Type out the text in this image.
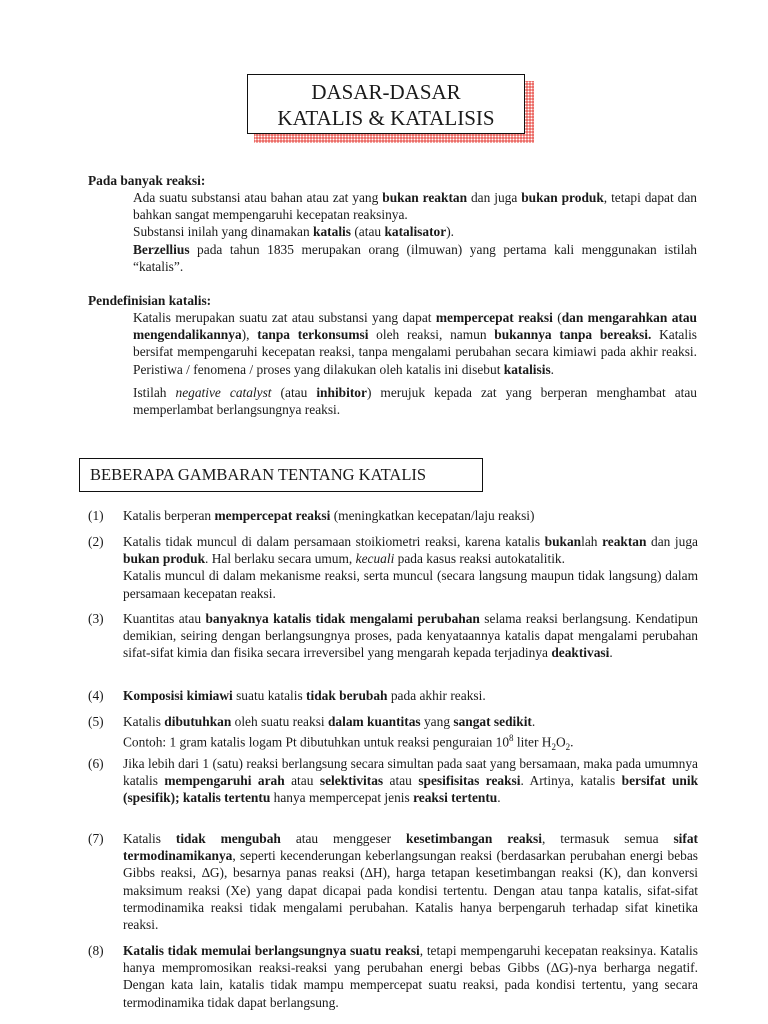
DASAR-DASAR
KATALIS & KATALISIS
Pada banyak reaksi:
Ada suatu substansi atau bahan atau zat yang bukan reaktan dan juga bukan produk, tetapi dapat dan bahkan sangat mempengaruhi kecepatan reaksinya.
Substansi inilah yang dinamakan katalis (atau katalisator).
Berzellius pada tahun 1835 merupakan orang (ilmuwan) yang pertama kali menggunakan istilah “katalis”.
Pendefinisian katalis:
Katalis merupakan suatu zat atau substansi yang dapat mempercepat reaksi (dan mengarahkan atau mengendalikannya), tanpa terkonsumsi oleh reaksi, namun bukannya tanpa bereaksi. Katalis bersifat mempengaruhi kecepatan reaksi, tanpa mengalami perubahan secara kimiawi pada akhir reaksi. Peristiwa / fenomena / proses yang dilakukan oleh katalis ini disebut katalisis.
Istilah negative catalyst (atau inhibitor) merujuk kepada zat yang berperan menghambat atau memperlambat berlangsungnya reaksi.
BEBERAPA GAMBARAN TENTANG KATALIS
(1) Katalis berperan mempercepat reaksi (meningkatkan kecepatan/laju reaksi)
(2) Katalis tidak muncul di dalam persamaan stoikiometri reaksi, karena katalis bukanlah reaktan dan juga bukan produk. Hal berlaku secara umum, kecuali pada kasus reaksi autokatalitik.
Katalis muncul di dalam mekanisme reaksi, serta muncul (secara langsung maupun tidak langsung) dalam persamaan kecepatan reaksi.
(3) Kuantitas atau banyaknya katalis tidak mengalami perubahan selama reaksi berlangsung. Kendatipun demikian, seiring dengan berlangsungnya proses, pada kenyataannya katalis dapat mengalami perubahan sifat-sifat kimia dan fisika secara irreversibel yang mengarah kepada terjadinya deaktivasi.
(4) Komposisi kimiawi suatu katalis tidak berubah pada akhir reaksi.
(5) Katalis dibutuhkan oleh suatu reaksi dalam kuantitas yang sangat sedikit.
Contoh: 1 gram katalis logam Pt dibutuhkan untuk reaksi penguraian $10^8$ liter $H_2O_2$.
(6) Jika lebih dari 1 (satu) reaksi berlangsung secara simultan pada saat yang bersamaan, maka pada umumnya katalis mempengaruhi arah atau selektivitas atau spesifisitas reaksi. Artinya, katalis bersifat unik (spesifik); katalis tertentu hanya mempercepat jenis reaksi tertentu.
(7) Katalis tidak mengubah atau menggeser kesetimbangan reaksi, termasuk semua sifat termodinamikanya, seperti kecenderungan keberlangsungan reaksi (berdasarkan perubahan energi bebas Gibbs reaksi, ∆G), besarnya panas reaksi (∆H), harga tetapan kesetimbangan reaksi (K), dan konversi maksimum reaksi (Xe) yang dapat dicapai pada kondisi tertentu. Dengan atau tanpa katalis, sifat-sifat termodinamika reaksi tidak mengalami perubahan. Katalis hanya berpengaruh terhadap sifat kinetika reaksi.
(8) Katalis tidak memulai berlangsungnya suatu reaksi, tetapi mempengaruhi kecepatan reaksinya. Katalis hanya mempromosikan reaksi-reaksi yang perubahan energi bebas Gibbs (∆G)-nya berharga negatif. Dengan kata lain, katalis tidak mampu mempercepat suatu reaksi, pada kondisi tertentu, yang secara termodinamika tidak dapat berlangsung.
